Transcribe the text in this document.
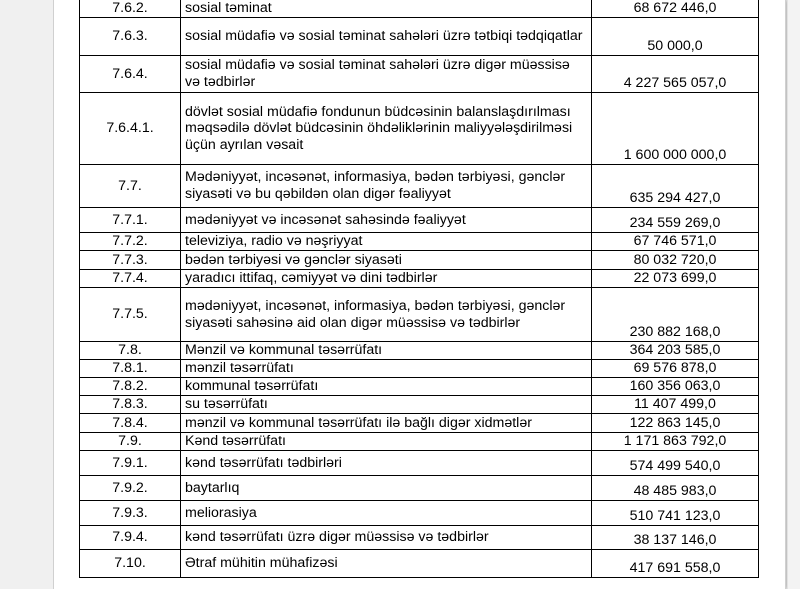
7.6.2.	sosial təminat	68 672 446,0
7.6.3.	sosial müdafiə və sosial təminat sahələri üzrə tətbiqi tədqiqatlar	50 000,0
7.6.4.	sosial müdafiə və sosial təminat sahələri üzrə digər müəssisə və tədbirlər	4 227 565 057,0
7.6.4.1.	dövlət sosial müdafiə fondunun büdcəsinin balanslaşdırılması məqsədilə dövlət büdcəsinin öhdəliklərinin maliyyələşdirilməsi üçün ayrılan vəsait	1 600 000 000,0
7.7.	Mədəniyyət, incəsənət, informasiya, bədən tərbiyəsi, gənclər siyasəti və bu qəbildən olan digər fəaliyyət	635 294 427,0
7.7.1.	mədəniyyət və incəsənət sahəsində fəaliyyət	234 559 269,0
7.7.2.	televiziya, radio və nəşriyyat	67 746 571,0
7.7.3.	bədən tərbiyəsi və gənclər siyasəti	80 032 720,0
7.7.4.	yaradıcı ittifaq, cəmiyyət və dini tədbirlər	22 073 699,0
7.7.5.	mədəniyyət, incəsənət, informasiya, bədən tərbiyəsi, gənclər siyasəti sahəsinə aid olan digər müəssisə və tədbirlər	230 882 168,0
7.8.	Mənzil və kommunal təsərrüfatı	364 203 585,0
7.8.1.	mənzil təsərrüfatı	69 576 878,0
7.8.2.	kommunal təsərrüfatı	160 356 063,0
7.8.3.	su təsərrüfatı	11 407 499,0
7.8.4.	mənzil və kommunal təsərrüfatı ilə bağlı digər xidmətlər	122 863 145,0
7.9.	Kənd təsərrüfatı	1 171 863 792,0
7.9.1.	kənd təsərrüfatı tədbirləri	574 499 540,0
7.9.2.	baytarlıq	48 485 983,0
7.9.3.	meliorasiya	510 741 123,0
7.9.4.	kənd təsərrüfatı üzrə digər müəssisə və tədbirlər	38 137 146,0
7.10.	Ətraf mühitin mühafizəsi	417 691 558,0
